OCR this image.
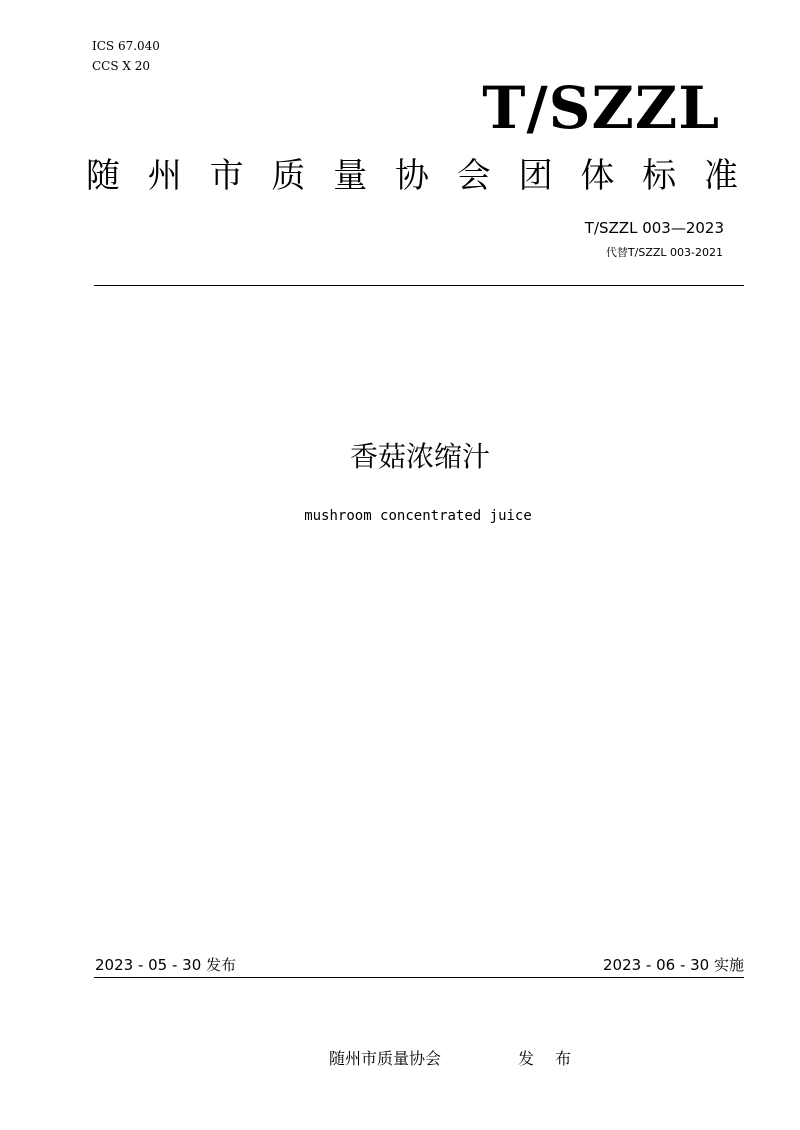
ICS 67.040
CCS X 20
T/SZZL
随 州 市 质 量 协 会 团 体 标 准
T/SZZL 003—2023
代替T/SZZL 003-2021
香菇浓缩汁
mushroom concentrated juice
2023 - 05 - 30 发布	2023 - 06 - 30 实施
随州市质量协会	发 布
